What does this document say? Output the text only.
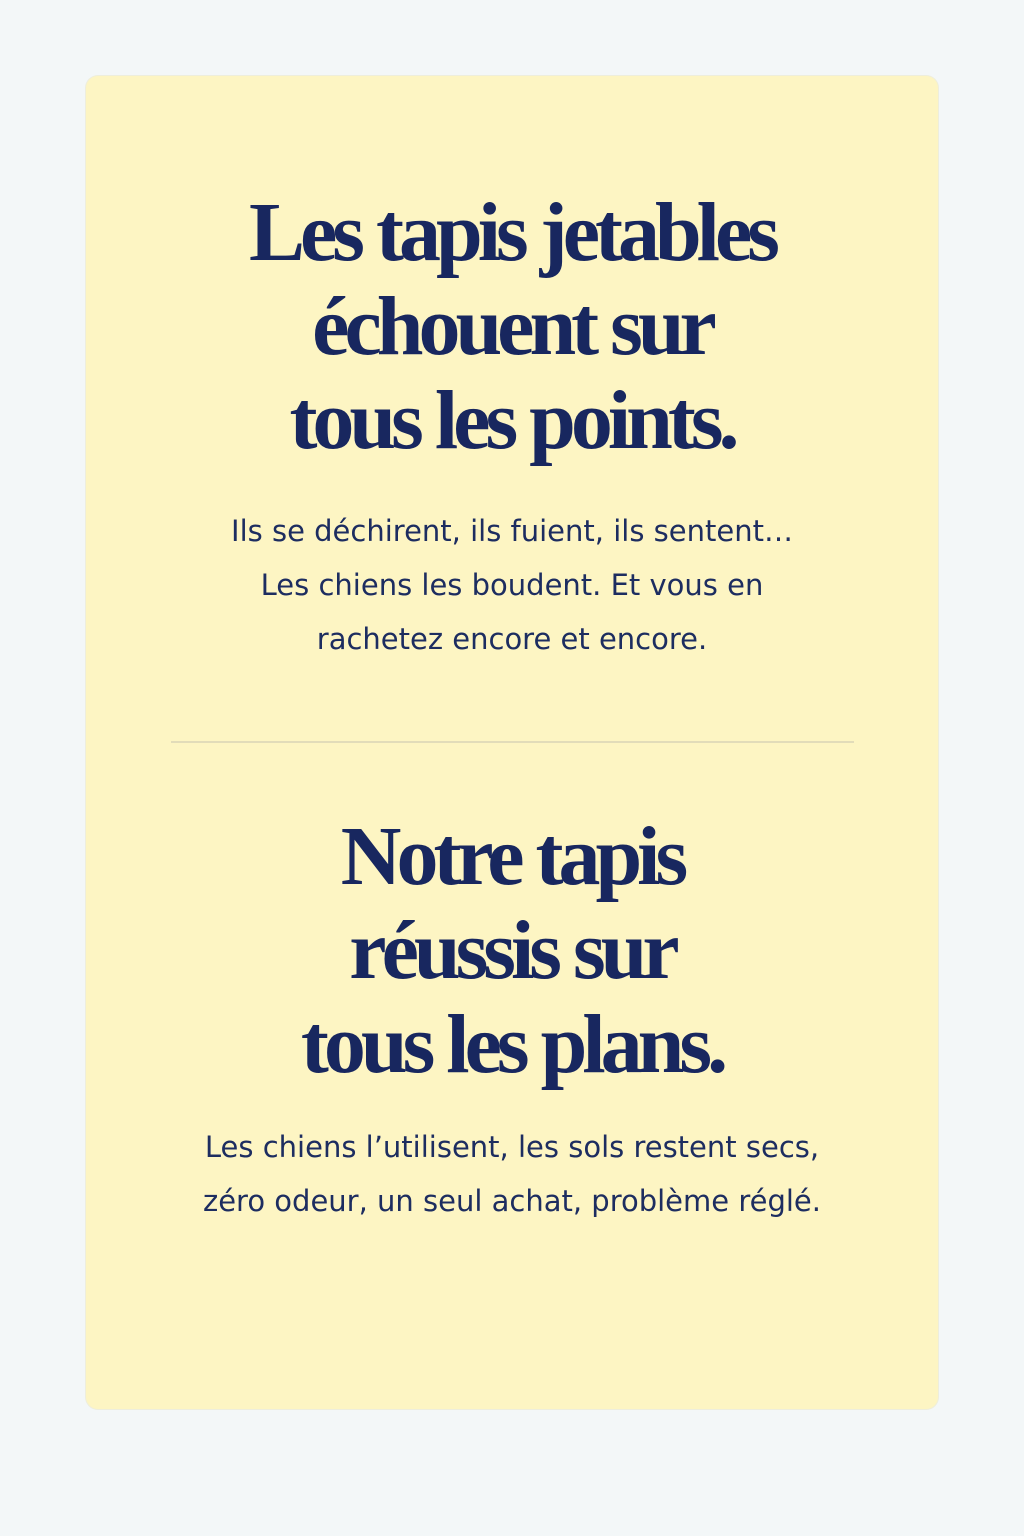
Les tapis jetables
échouent sur
tous les points.

Ils se déchirent, ils fuient, ils sentent…
Les chiens les boudent. Et vous en
rachetez encore et encore.

Notre tapis
réussis sur
tous les plans.

Les chiens l’utilisent, les sols restent secs,
zéro odeur, un seul achat, problème réglé.
